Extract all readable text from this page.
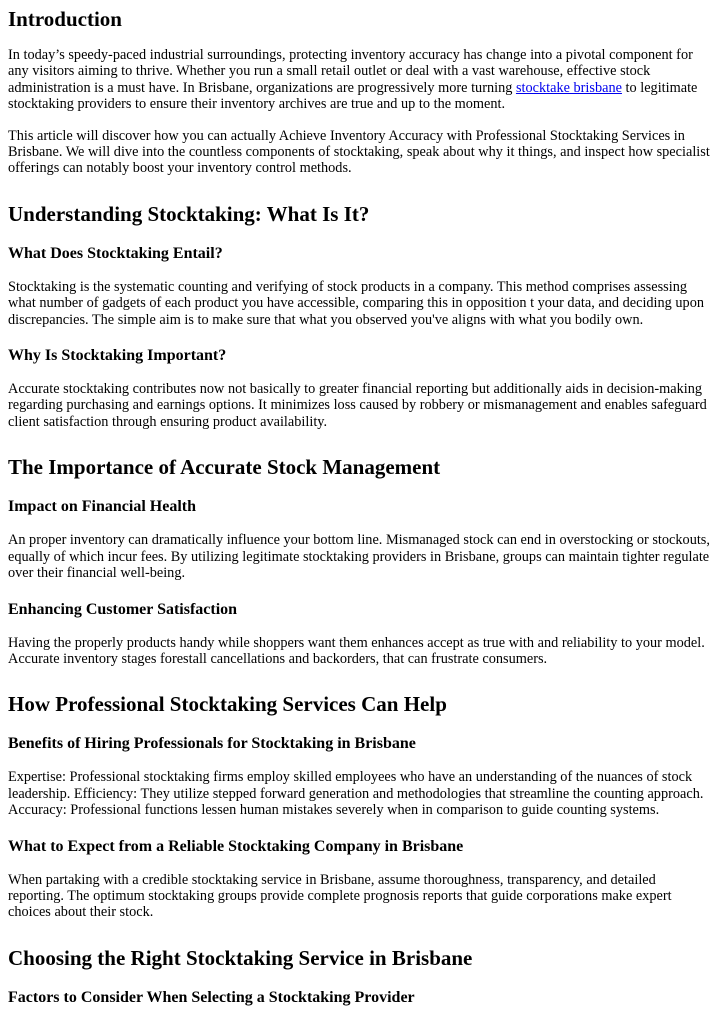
Introduction

In today’s speedy-paced industrial surroundings, protecting inventory accuracy has change into a pivotal component for any visitors aiming to thrive. Whether you run a small retail outlet or deal with a vast warehouse, effective stock administration is a must have. In Brisbane, organizations are progressively more turning stocktake brisbane to legitimate stocktaking providers to ensure their inventory archives are true and up to the moment.

This article will discover how you can actually Achieve Inventory Accuracy with Professional Stocktaking Services in Brisbane. We will dive into the countless components of stocktaking, speak about why it things, and inspect how specialist offerings can notably boost your inventory control methods.

Understanding Stocktaking: What Is It?
What Does Stocktaking Entail?

Stocktaking is the systematic counting and verifying of stock products in a company. This method comprises assessing what number of gadgets of each product you have accessible, comparing this in opposition t your data, and deciding upon discrepancies. The simple aim is to make sure that what you observed you've aligns with what you bodily own.

Why Is Stocktaking Important?

Accurate stocktaking contributes now not basically to greater financial reporting but additionally aids in decision-making regarding purchasing and earnings options. It minimizes loss caused by robbery or mismanagement and enables safeguard client satisfaction through ensuring product availability.

The Importance of Accurate Stock Management
Impact on Financial Health

An proper inventory can dramatically influence your bottom line. Mismanaged stock can end in overstocking or stockouts, equally of which incur fees. By utilizing legitimate stocktaking providers in Brisbane, groups can maintain tighter regulate over their financial well-being.

Enhancing Customer Satisfaction

Having the properly products handy while shoppers want them enhances accept as true with and reliability to your model. Accurate inventory stages forestall cancellations and backorders, that can frustrate consumers.

How Professional Stocktaking Services Can Help
Benefits of Hiring Professionals for Stocktaking in Brisbane

Expertise: Professional stocktaking firms employ skilled employees who have an understanding of the nuances of stock leadership. Efficiency: They utilize stepped forward generation and methodologies that streamline the counting approach. Accuracy: Professional functions lessen human mistakes severely when in comparison to guide counting systems.

What to Expect from a Reliable Stocktaking Company in Brisbane

When partaking with a credible stocktaking service in Brisbane, assume thoroughness, transparency, and detailed reporting. The optimum stocktaking groups provide complete prognosis reports that guide corporations make expert choices about their stock.

Choosing the Right Stocktaking Service in Brisbane
Factors to Consider When Selecting a Stocktaking Provider
